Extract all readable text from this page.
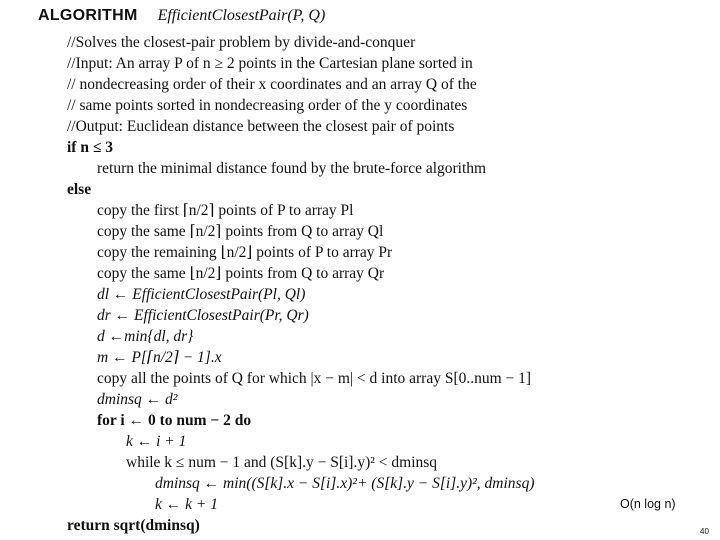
ALGORITHM EfficientClosestPair(P, Q)
//Solves the closest-pair problem by divide-and-conquer
//Input: An array P of n ≥ 2 points in the Cartesian plane sorted in
// nondecreasing order of their x coordinates and an array Q of the
// same points sorted in nondecreasing order of the y coordinates
//Output: Euclidean distance between the closest pair of points
if n ≤ 3
return the minimal distance found by the brute-force algorithm
else
copy the first ⌈n/2⌉ points of P to array Pl
copy the same ⌈n/2⌉ points from Q to array Ql
copy the remaining ⌊n/2⌋ points of P to array Pr
copy the same ⌊n/2⌋ points from Q to array Qr
dl ← EfficientClosestPair(Pl, Ql)
dr ← EfficientClosestPair(Pr, Qr)
d ←min{dl, dr}
m ← P[⌈n/2⌉ − 1].x
copy all the points of Q for which |x − m| < d into array S[0..num − 1]
dminsq ← d²
for i ← 0 to num − 2 do
k ← i + 1
while k ≤ num − 1 and (S[k].y − S[i].y)² < dminsq
dminsq ← min((S[k].x − S[i].x)²+ (S[k].y − S[i].y)², dminsq)
k ← k + 1
return sqrt(dminsq)
O(n log n)
40
